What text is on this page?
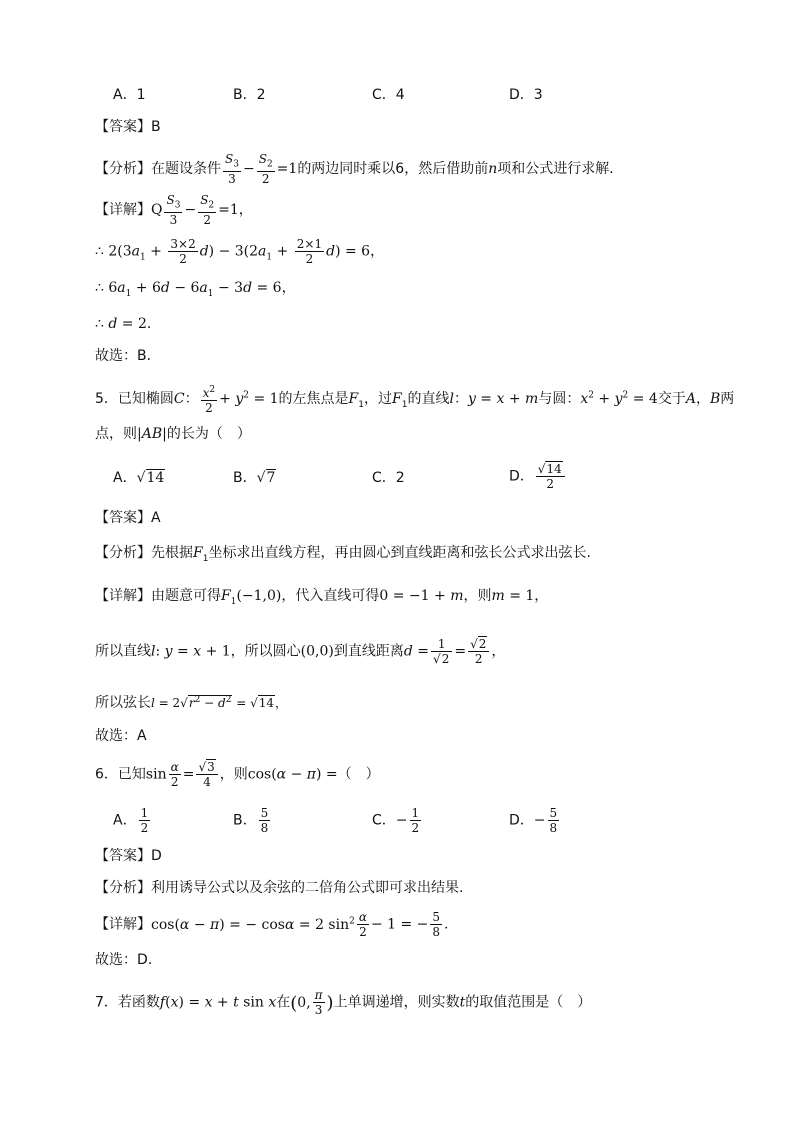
A．1	B．2	C．4	D．3
【答案】B
【分析】在题设条件 $\frac{S_3}{3} - \frac{S_2}{2} =1$的两边同时乘以6，然后借助前n项和公式进行求解．
【详解】Q $\frac{S_3}{3} - \frac{S_2}{2} =1$，
∴ $2(3a_1 + \frac{3\times 2}{2} d) - 3(2a_1 + \frac{2\times 1}{2} d) = 6$，
∴ $6a_1 + 6d - 6a_1 - 3d = 6$，
∴ d = 2．
故选：B．
5．已知椭圆C： $\frac{x^2}{2} + y^2 = 1$的左焦点是$F_1$，过$F_1$的直线l：y = x + m与圆：$x^2 + y^2 = 4$交于A，B两
点，则|AB|的长为（　）
A．√14	B．√7	C．2	D． $\frac{√14}{2}$
【答案】A
【分析】先根据$F_1$坐标求出直线方程，再由圆心到直线距离和弦长公式求出弦长.
【详解】由题意可得$F_1(-1,0)$，代入直线可得0 = −1 + m，则m = 1，
所以直线l: y = x + 1，所以圆心(0,0)到直线距离$d = \frac{1}{√2} = \frac{√2}{2}$ ，
所以弦长$l = 2√r^2 - d^2 = √14$，
故选：A
6．已知$\sin \frac{\alpha}{2} = \frac{√3}{4}$ ，则cos(α − π) =（　）
A． $\frac{1}{2}$	B． $\frac{5}{8}$	C．− $\frac{1}{2}$	D．− $\frac{5}{8}$
【答案】D
【分析】利用诱导公式以及余弦的二倍角公式即可求出结果.
【详解】cos(α − π) = − cosα = 2 $\sin^2 \frac{\alpha}{2} - 1$ = − $\frac{5}{8}$ .
故选：D.
7．若函数f(x) = x + t sin x在(0, $\frac{\pi}{3}$ )上单调递增，则实数t的取值范围是（　）
